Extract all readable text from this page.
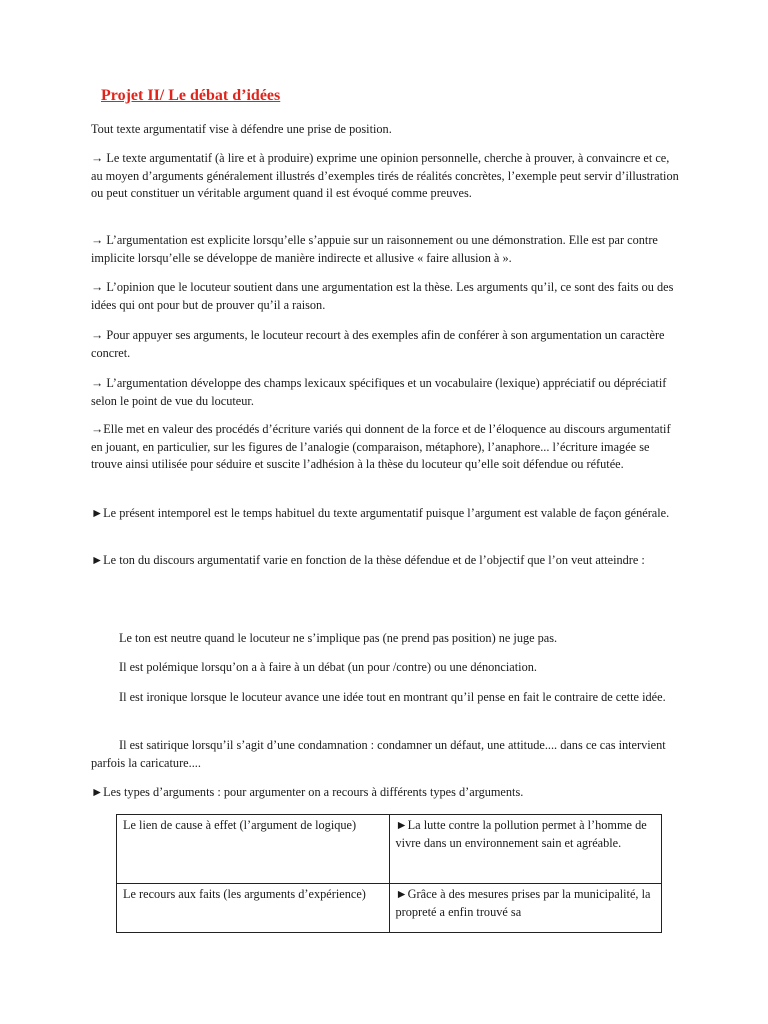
Projet II/ Le débat d’idées

Tout texte argumentatif vise à défendre une prise de position.

→ Le texte argumentatif (à lire et à produire) exprime une opinion personnelle, cherche à prouver, à convaincre et ce, au moyen d’arguments généralement illustrés d’exemples tirés de réalités concrètes, l’exemple peut servir d’illustration ou peut constituer un véritable argument quand il est évoqué comme preuves.

→ L’argumentation est explicite lorsqu’elle s’appuie sur un raisonnement ou une démonstration. Elle est par contre implicite lorsqu’elle se développe de manière indirecte et allusive « faire allusion à ».

→ L’opinion que le locuteur soutient dans une argumentation est la thèse. Les arguments qu’il, ce sont des faits ou des idées qui ont pour but de prouver qu’il a raison.

→ Pour appuyer ses arguments, le locuteur recourt à des exemples afin de conférer à son argumentation un caractère concret.

→ L’argumentation développe des champs lexicaux spécifiques et un vocabulaire (lexique) appréciatif ou dépréciatif selon le point de vue du locuteur.

→Elle met en valeur des procédés d’écriture variés qui donnent de la force et de l’éloquence au discours argumentatif en jouant, en particulier, sur les figures de l’analogie (comparaison, métaphore), l’anaphore... l’écriture imagée se trouve ainsi utilisée pour séduire et suscite l’adhésion à la thèse du locuteur qu’elle soit défendue ou réfutée.

►Le présent intemporel est le temps habituel du texte argumentatif puisque l’argument est valable de façon générale.

►Le ton du discours argumentatif varie en fonction de la thèse défendue et de l’objectif que l’on veut atteindre :

Le ton est neutre quand le locuteur ne s’implique pas (ne prend pas position) ne juge pas.
Il est polémique lorsqu’on a à faire à un débat (un pour /contre) ou une dénonciation.
Il est ironique lorsque le locuteur avance une idée tout en montrant qu’il pense en fait le contraire de cette idée.
Il est satirique lorsqu’il s’agit d’une condamnation : condamner un défaut, une attitude.... dans ce cas intervient parfois la caricature....

►Les types d’arguments : pour argumenter on a recours à différents types d’arguments.

Le lien de cause à effet (l’argument de logique)	►La lutte contre la pollution permet à l’homme de vivre dans un environnement sain et agréable.
Le recours aux faits (les arguments d’expérience)	►Grâce à des mesures prises par la municipalité, la propreté a enfin trouvé sa
